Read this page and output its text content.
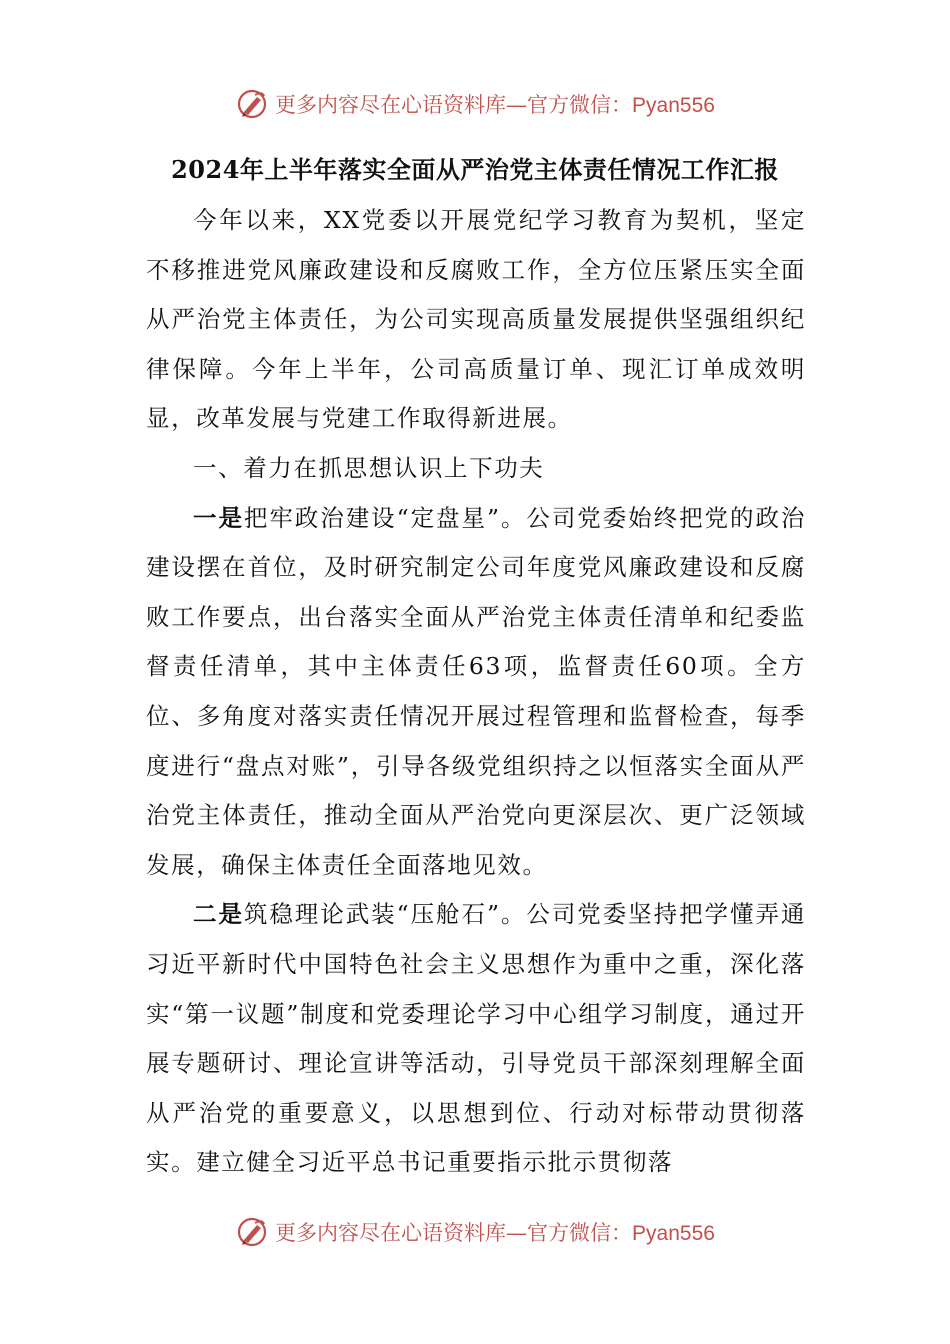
更多内容尽在心语资料库—官方微信：Pyan556
2024年上半年落实全面从严治党主体责任情况工作汇报

今年以来，XX党委以开展党纪学习教育为契机，坚定不移推进党风廉政建设和反腐败工作，全方位压紧压实全面从严治党主体责任，为公司实现高质量发展提供坚强组织纪律保障。今年上半年，公司高质量订单、现汇订单成效明显，改革发展与党建工作取得新进展。

一、着力在抓思想认识上下功夫

一是把牢政治建设“定盘星”。公司党委始终把党的政治建设摆在首位，及时研究制定公司年度党风廉政建设和反腐败工作要点，出台落实全面从严治党主体责任清单和纪委监督责任清单，其中主体责任63项，监督责任60项。全方位、多角度对落实责任情况开展过程管理和监督检查，每季度进行“盘点对账”，引导各级党组织持之以恒落实全面从严治党主体责任，推动全面从严治党向更深层次、更广泛领域发展，确保主体责任全面落地见效。

二是筑稳理论武装“压舱石”。公司党委坚持把学懂弄通习近平新时代中国特色社会主义思想作为重中之重，深化落实“第一议题”制度和党委理论学习中心组学习制度，通过开展专题研讨、理论宣讲等活动，引导党员干部深刻理解全面从严治党的重要意义，以思想到位、行动对标带动贯彻落实。建立健全习近平总书记重要指示批示贯彻落

更多内容尽在心语资料库—官方微信：Pyan556
